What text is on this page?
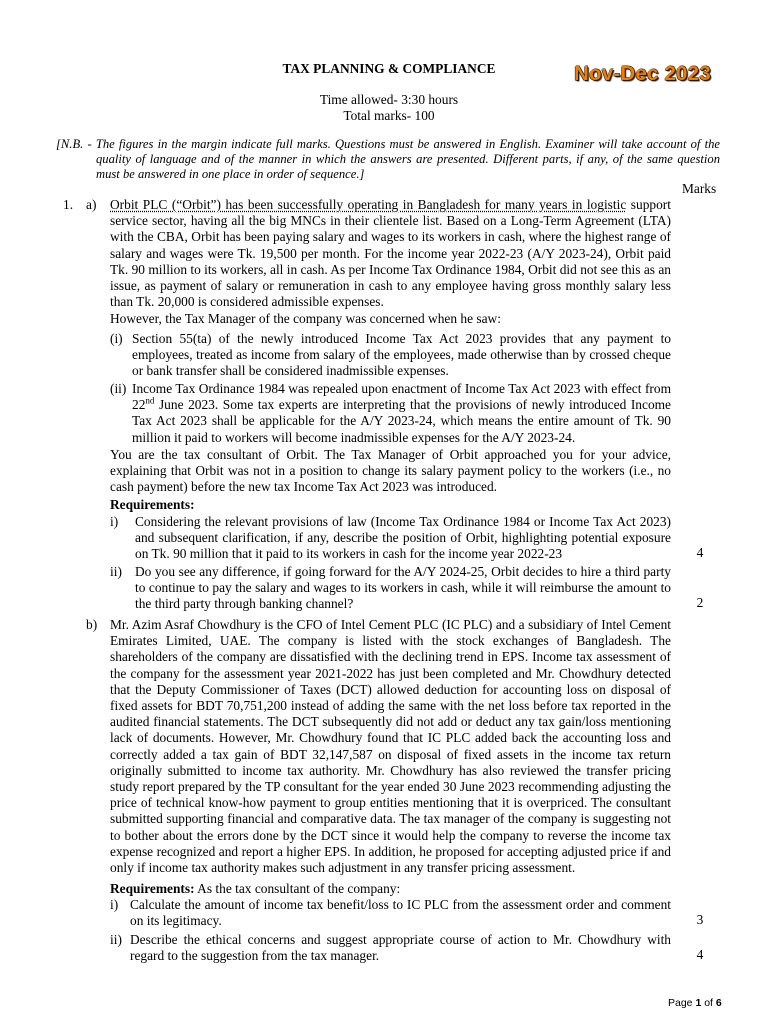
TAX PLANNING & COMPLIANCE	Nov-Dec 2023
Time allowed- 3:30 hours
Total marks- 100
[N.B. - The figures in the margin indicate full marks. Questions must be answered in English. Examiner will take account of the quality of language and of the manner in which the answers are presented. Different parts, if any, of the same question must be answered in one place in order of sequence.]
Marks
1. a) Orbit PLC (“Orbit”) has been successfully operating in Bangladesh for many years in logistic support service sector, having all the big MNCs in their clientele list. Based on a Long-Term Agreement (LTA) with the CBA, Orbit has been paying salary and wages to its workers in cash, where the highest range of salary and wages were Tk. 19,500 per month. For the income year 2022-23 (A/Y 2023-24), Orbit paid Tk. 90 million to its workers, all in cash. As per Income Tax Ordinance 1984, Orbit did not see this as an issue, as payment of salary or remuneration in cash to any employee having gross monthly salary less than Tk. 20,000 is considered admissible expenses.
However, the Tax Manager of the company was concerned when he saw:
(i) Section 55(ta) of the newly introduced Income Tax Act 2023 provides that any payment to employees, treated as income from salary of the employees, made otherwise than by crossed cheque or bank transfer shall be considered inadmissible expenses.
(ii) Income Tax Ordinance 1984 was repealed upon enactment of Income Tax Act 2023 with effect from 22nd June 2023. Some tax experts are interpreting that the provisions of newly introduced Income Tax Act 2023 shall be applicable for the A/Y 2023-24, which means the entire amount of Tk. 90 million it paid to workers will become inadmissible expenses for the A/Y 2023-24.
You are the tax consultant of Orbit. The Tax Manager of Orbit approached you for your advice, explaining that Orbit was not in a position to change its salary payment policy to the workers (i.e., no cash payment) before the new tax Income Tax Act 2023 was introduced.
Requirements:
i) Considering the relevant provisions of law (Income Tax Ordinance 1984 or Income Tax Act 2023) and subsequent clarification, if any, describe the position of Orbit, highlighting potential exposure on Tk. 90 million that it paid to its workers in cash for the income year 2022-23	4
ii) Do you see any difference, if going forward for the A/Y 2024-25, Orbit decides to hire a third party to continue to pay the salary and wages to its workers in cash, while it will reimburse the amount to the third party through banking channel?	2
b) Mr. Azim Asraf Chowdhury is the CFO of Intel Cement PLC (IC PLC) and a subsidiary of Intel Cement Emirates Limited, UAE. The company is listed with the stock exchanges of Bangladesh. The shareholders of the company are dissatisfied with the declining trend in EPS. Income tax assessment of the company for the assessment year 2021-2022 has just been completed and Mr. Chowdhury detected that the Deputy Commissioner of Taxes (DCT) allowed deduction for accounting loss on disposal of fixed assets for BDT 70,751,200 instead of adding the same with the net loss before tax reported in the audited financial statements. The DCT subsequently did not add or deduct any tax gain/loss mentioning lack of documents. However, Mr. Chowdhury found that IC PLC added back the accounting loss and correctly added a tax gain of BDT 32,147,587 on disposal of fixed assets in the income tax return originally submitted to income tax authority. Mr. Chowdhury has also reviewed the transfer pricing study report prepared by the TP consultant for the year ended 30 June 2023 recommending adjusting the price of technical know-how payment to group entities mentioning that it is overpriced. The consultant submitted supporting financial and comparative data. The tax manager of the company is suggesting not to bother about the errors done by the DCT since it would help the company to reverse the income tax expense recognized and report a higher EPS. In addition, he proposed for accepting adjusted price if and only if income tax authority makes such adjustment in any transfer pricing assessment.
Requirements: As the tax consultant of the company:
i) Calculate the amount of income tax benefit/loss to IC PLC from the assessment order and comment on its legitimacy.	3
ii) Describe the ethical concerns and suggest appropriate course of action to Mr. Chowdhury with regard to the suggestion from the tax manager.	4
Page 1 of 6
